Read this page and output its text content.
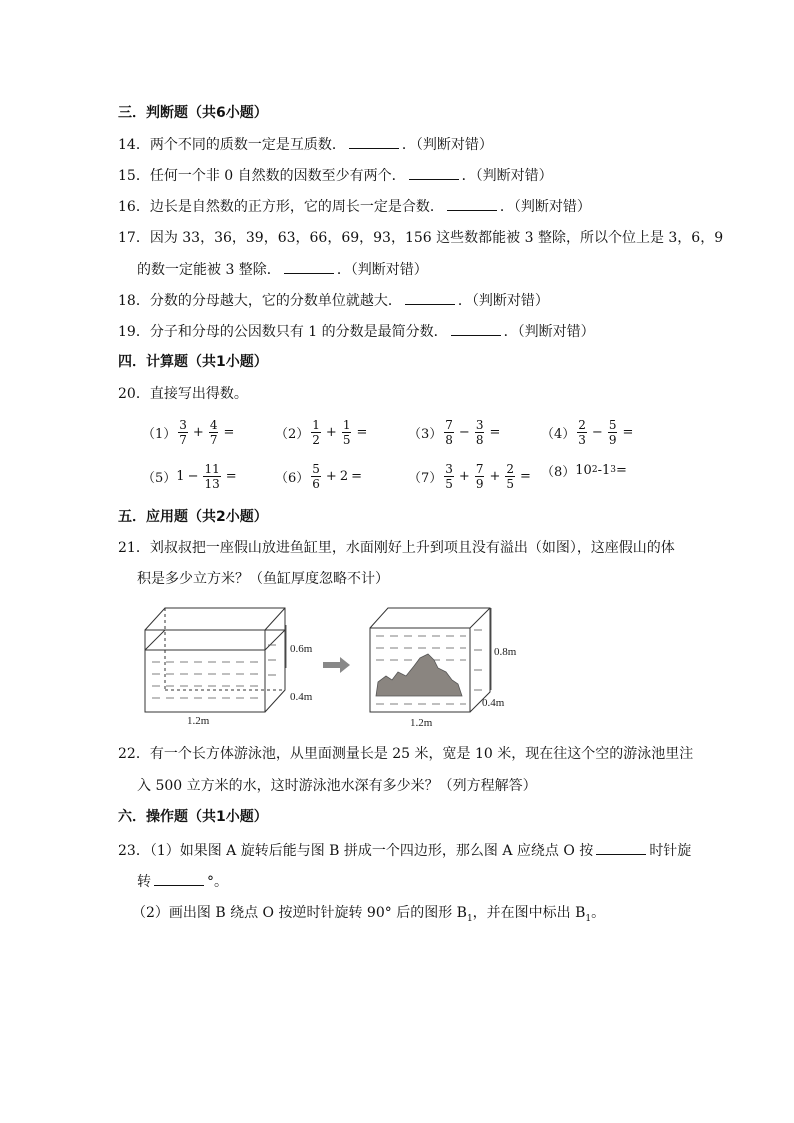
三．判断题（共6小题）
14．两个不同的质数一定是互质数．	．（判断对错）
15．任何一个非 0 自然数的因数至少有两个．	．（判断对错）
16．边长是自然数的正方形，它的周长一定是合数．	．（判断对错）
17．因为 33，36，39，63，66，69，93，156 这些数都能被 3 整除，所以个位上是 3，6，9
的数一定能被 3 整除．	．（判断对错）
18．分数的分母越大，它的分数单位就越大．	．（判断对错）
19．分子和分母的公因数只有 1 的分数是最简分数．	．（判断对错）
四．计算题（共1小题）
20．直接写出得数。
$(1) \frac{3}{7} + \frac{4}{7}$ =	$(2) \frac{1}{2} + \frac{1}{5}$ =	$(3) \frac{7}{8} - \frac{3}{8}$ =	$(4) \frac{2}{3} - \frac{5}{9}$ =
（5） $1 - \frac{11}{13}$ =	$(6) \frac{5}{6} + 2$ =	$(7) \frac{3}{5} + \frac{7}{9} + \frac{2}{5} = (8)$ 10 2 - 1 3 =
五．应用题（共2小题）
21．刘叔叔把一座假山放进鱼缸里，水面刚好上升到项且没有溢出（如图），这座假山的体
积是多少立方米？（鱼缸厚度忽略不计）
0.6m
0.4m
1.2m
0.8m
0.4m
1.2m
22．有一个长方体游泳池，从里面测量长是 25 米，宽是 10 米，现在往这个空的游泳池里注
入 500 立方米的水，这时游泳池水深有多少米？（列方程解答）
六．操作题（共1小题）
23．（1）如果图 A 旋转后能与图 B 拼成一个四边形，那么图 A 应绕点 O 按	时针旋
转	°。
（2）画出图 B 绕点 O 按逆时针旋转 90° 后的图形 $B_1$，并在图中标出 $B_1$。
